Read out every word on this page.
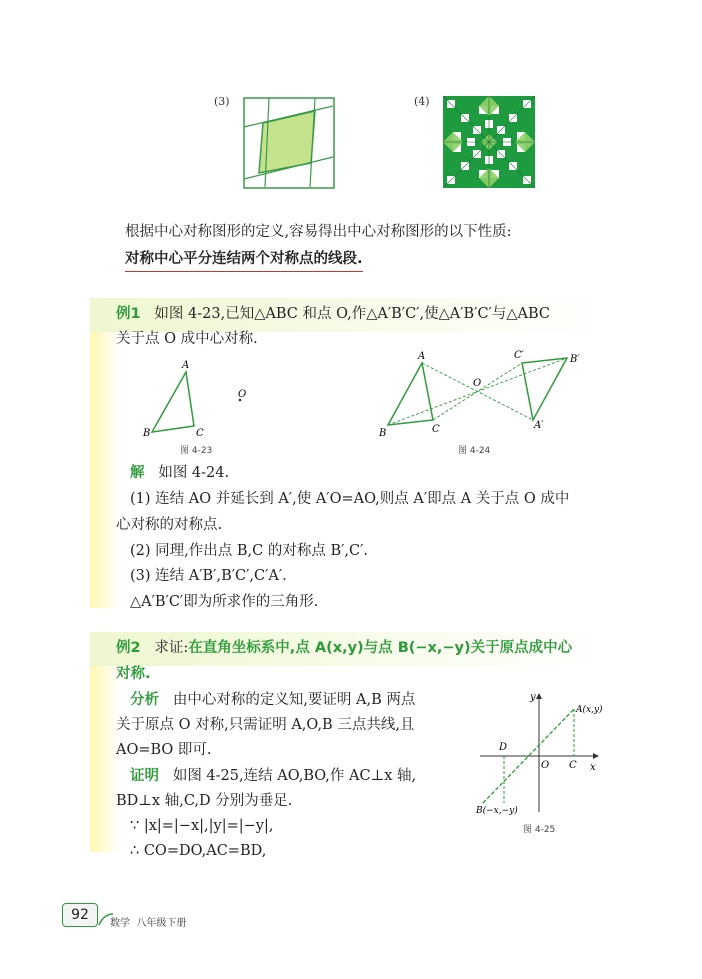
(3)	(4)
根据中心对称图形的定义,容易得出中心对称图形的以下性质:
对称中心平分连结两个对称点的线段.
例1 如图 4-23,已知△ABC 和点 O,作△A′B′C′,使△A′B′C′与△ABC
关于点 O 成中心对称.
A
B	C
O
图 4-23
A
B	C
O
C′	B′
A′
图 4-24
解 如图 4-24.
(1) 连结 AO 并延长到 A′,使 A′O=AO,则点 A′即点 A 关于点 O 成中
心对称的对称点.
(2) 同理,作出点 B,C 的对称点 B′,C′.
(3) 连结 A′B′,B′C′,C′A′.
△A′B′C′即为所求作的三角形.
例2 求证:在直角坐标系中,点 A(x,y)与点 B(−x,−y)关于原点成中心
对称.
分析 由中心对称的定义知,要证明 A,B 两点
关于原点 O 对称,只需证明 A,O,B 三点共线,且
AO=BO 即可.
证明 如图 4-25,连结 AO,BO,作 AC⊥x 轴,
BD⊥x 轴,C,D 分别为垂足.
∵ |x|=|−x|,|y|=|−y|,
∴ CO=DO,AC=BD,
y
x
O C
D
A(x,y)
B(−x,−y)
图 4-25
92
数学 八年级下册
